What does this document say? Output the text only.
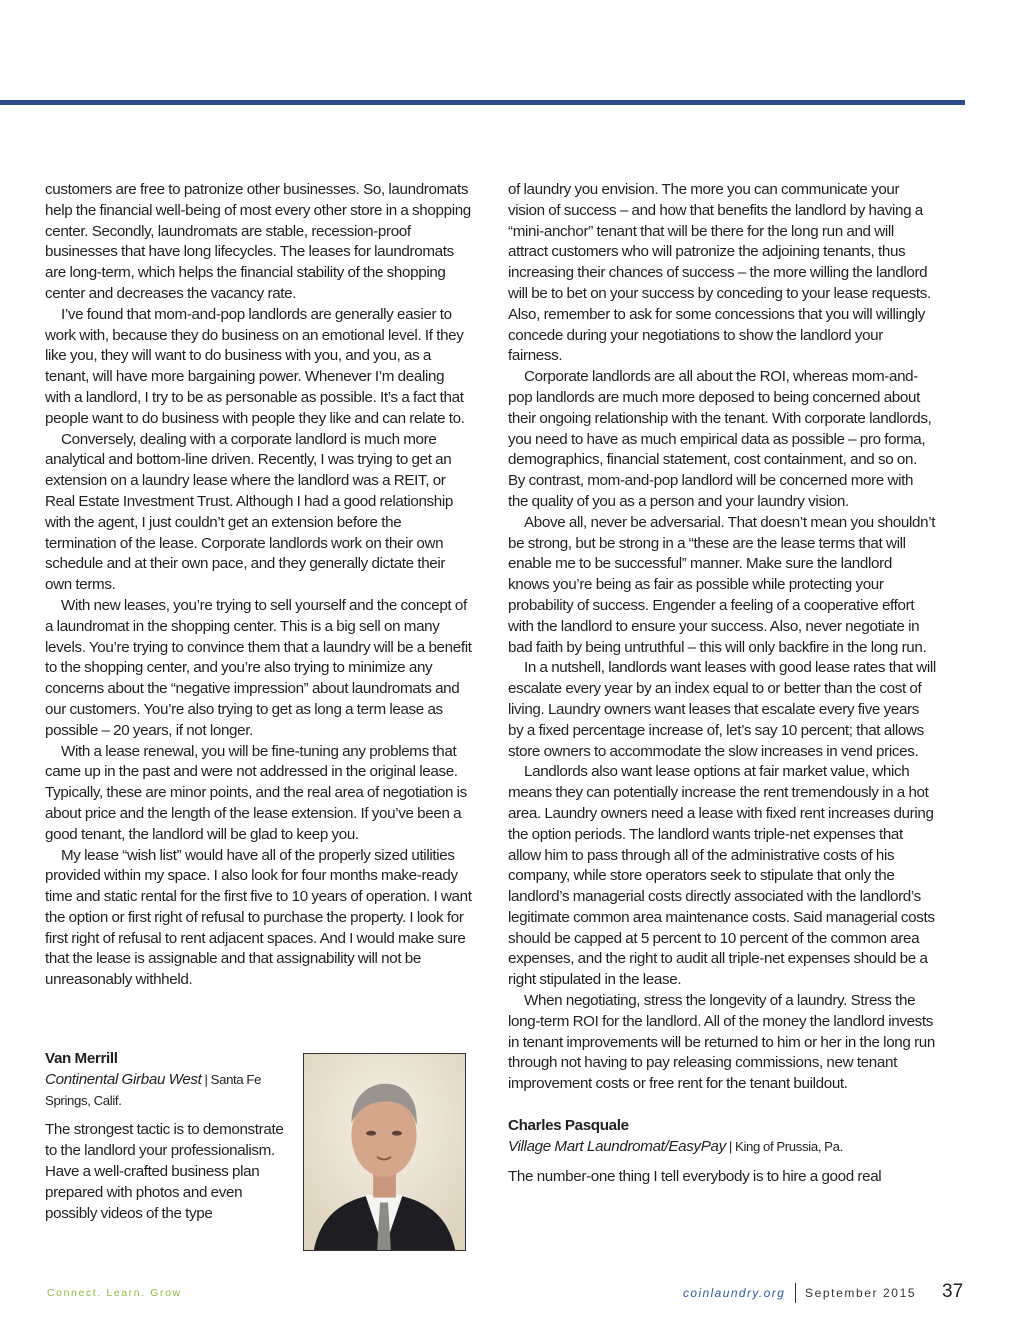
customers are free to patronize other businesses. So, laundromats help the financial well-being of most every other store in a shopping center. Secondly, laundromats are stable, recession-proof businesses that have long lifecycles. The leases for laundromats are long-term, which helps the financial stability of the shopping center and decreases the vacancy rate.

I’ve found that mom-and-pop landlords are generally easier to work with, because they do business on an emotional level. If they like you, they will want to do business with you, and you, as a tenant, will have more bargaining power. Whenever I’m dealing with a landlord, I try to be as personable as possible. It’s a fact that people want to do business with people they like and can relate to.

Conversely, dealing with a corporate landlord is much more analytical and bottom-line driven. Recently, I was trying to get an extension on a laundry lease where the landlord was a REIT, or Real Estate Investment Trust. Although I had a good relationship with the agent, I just couldn’t get an extension before the termination of the lease. Corporate landlords work on their own schedule and at their own pace, and they generally dictate their own terms.

With new leases, you’re trying to sell yourself and the concept of a laundromat in the shopping center. This is a big sell on many levels. You’re trying to convince them that a laundry will be a benefit to the shopping center, and you’re also trying to minimize any concerns about the “negative impression” about laundromats and our customers. You’re also trying to get as long a term lease as possible – 20 years, if not longer.

With a lease renewal, you will be fine-tuning any problems that came up in the past and were not addressed in the original lease. Typically, these are minor points, and the real area of negotiation is about price and the length of the lease extension. If you’ve been a good tenant, the landlord will be glad to keep you.

My lease “wish list” would have all of the properly sized utilities provided within my space. I also look for four months make-ready time and static rental for the first five to 10 years of operation. I want the option or first right of refusal to purchase the property. I look for first right of refusal to rent adjacent spaces. And I would make sure that the lease is assignable and that assignability will not be unreasonably withheld.

Van Merrill

Continental Girbau West | Santa Fe Springs, Calif.

The strongest tactic is to demonstrate to the landlord your professionalism. Have a well-crafted business plan prepared with photos and even possibly videos of the type

of laundry you envision. The more you can communicate your vision of success – and how that benefits the landlord by having a “mini-anchor” tenant that will be there for the long run and will attract customers who will patronize the adjoining tenants, thus increasing their chances of success – the more willing the landlord will be to bet on your success by conceding to your lease requests. Also, remember to ask for some concessions that you will willingly concede during your negotiations to show the landlord your fairness.

Corporate landlords are all about the ROI, whereas mom-and-pop landlords are much more deposed to being concerned about their ongoing relationship with the tenant. With corporate landlords, you need to have as much empirical data as possible – pro forma, demographics, financial statement, cost containment, and so on. By contrast, mom-and-pop landlord will be concerned more with the quality of you as a person and your laundry vision.

Above all, never be adversarial. That doesn’t mean you shouldn’t be strong, but be strong in a “these are the lease terms that will enable me to be successful” manner. Make sure the landlord knows you’re being as fair as possible while protecting your probability of success. Engender a feeling of a cooperative effort with the landlord to ensure your success. Also, never negotiate in bad faith by being untruthful – this will only backfire in the long run.

In a nutshell, landlords want leases with good lease rates that will escalate every year by an index equal to or better than the cost of living. Laundry owners want leases that escalate every five years by a fixed percentage increase of, let’s say 10 percent; that allows store owners to accommodate the slow increases in vend prices.

Landlords also want lease options at fair market value, which means they can potentially increase the rent tremendously in a hot area. Laundry owners need a lease with fixed rent increases during the option periods. The landlord wants triple-net expenses that allow him to pass through all of the administrative costs of his company, while store operators seek to stipulate that only the landlord’s managerial costs directly associated with the landlord’s legitimate common area maintenance costs. Said managerial costs should be capped at 5 percent to 10 percent of the common area expenses, and the right to audit all triple-net expenses should be a right stipulated in the lease.

When negotiating, stress the longevity of a laundry. Stress the long-term ROI for the landlord. All of the money the landlord invests in tenant improvements will be returned to him or her in the long run through not having to pay releasing commissions, new tenant improvement costs or free rent for the tenant buildout.

Charles Pasquale

Village Mart Laundromat/EasyPay | King of Prussia, Pa.

The number-one thing I tell everybody is to hire a good real

Connect. Learn. Grow	coinlaundry.org September 2015 37
